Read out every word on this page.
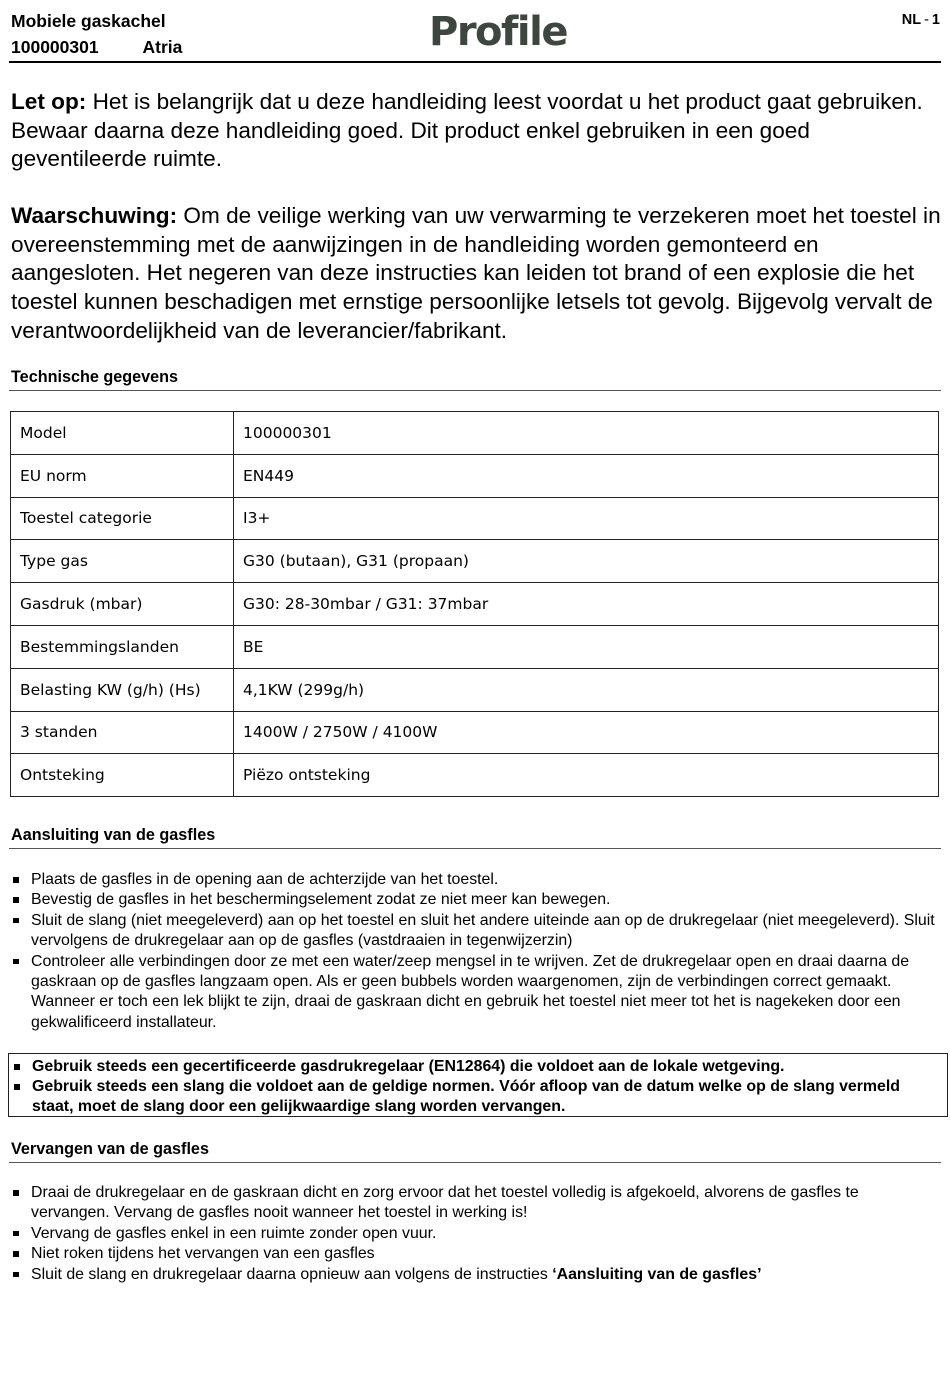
Mobiele gaskachel
100000301   Atria	Profile	NL - 1

Let op: Het is belangrijk dat u deze handleiding leest voordat u het product gaat gebruiken. Bewaar daarna deze handleiding goed. Dit product enkel gebruiken in een goed geventileerde ruimte.

Waarschuwing: Om de veilige werking van uw verwarming te verzekeren moet het toestel in overeenstemming met de aanwijzingen in de handleiding worden gemonteerd en aangesloten. Het negeren van deze instructies kan leiden tot brand of een explosie die het toestel kunnen beschadigen met ernstige persoonlijke letsels tot gevolg. Bijgevolg vervalt de verantwoordelijkheid van de leverancier/fabrikant.

Technische gegevens
Model	100000301
EU norm	EN449
Toestel categorie	I3+
Type gas	G30 (butaan), G31 (propaan)
Gasdruk (mbar)	G30: 28-30mbar / G31: 37mbar
Bestemmingslanden	BE
Belasting KW (g/h) (Hs)	4,1KW (299g/h)
3 standen	1400W / 2750W / 4100W
Ontsteking	Piëzo ontsteking
Aansluiting van de gasfles
Plaats de gasfles in de opening aan de achterzijde van het toestel.
Bevestig de gasfles in het beschermingselement zodat ze niet meer kan bewegen.
Sluit de slang (niet meegeleverd) aan op het toestel en sluit het andere uiteinde aan op de drukregelaar (niet meegeleverd). Sluit vervolgens de drukregelaar aan op de gasfles (vastdraaien in tegenwijzerzin)
Controleer alle verbindingen door ze met een water/zeep mengsel in te wrijven. Zet de drukregelaar open en draai daarna de gaskraan op de gasfles langzaam open. Als er geen bubbels worden waargenomen, zijn de verbindingen correct gemaakt. Wanneer er toch een lek blijkt te zijn, draai de gaskraan dicht en gebruik het toestel niet meer tot het is nagekeken door een gekwalificeerd installateur.
Gebruik steeds een gecertificeerde gasdrukregelaar (EN12864) die voldoet aan de lokale wetgeving.
Gebruik steeds een slang die voldoet aan de geldige normen. Vóór afloop van de datum welke op de slang vermeld staat, moet de slang door een gelijkwaardige slang worden vervangen.
Vervangen van de gasfles
Draai de drukregelaar en de gaskraan dicht en zorg ervoor dat het toestel volledig is afgekoeld, alvorens de gasfles te vervangen. Vervang de gasfles nooit wanneer het toestel in werking is!
Vervang de gasfles enkel in een ruimte zonder open vuur.
Niet roken tijdens het vervangen van een gasfles
Sluit de slang en drukregelaar daarna opnieuw aan volgens de instructies ‘Aansluiting van de gasfles’
